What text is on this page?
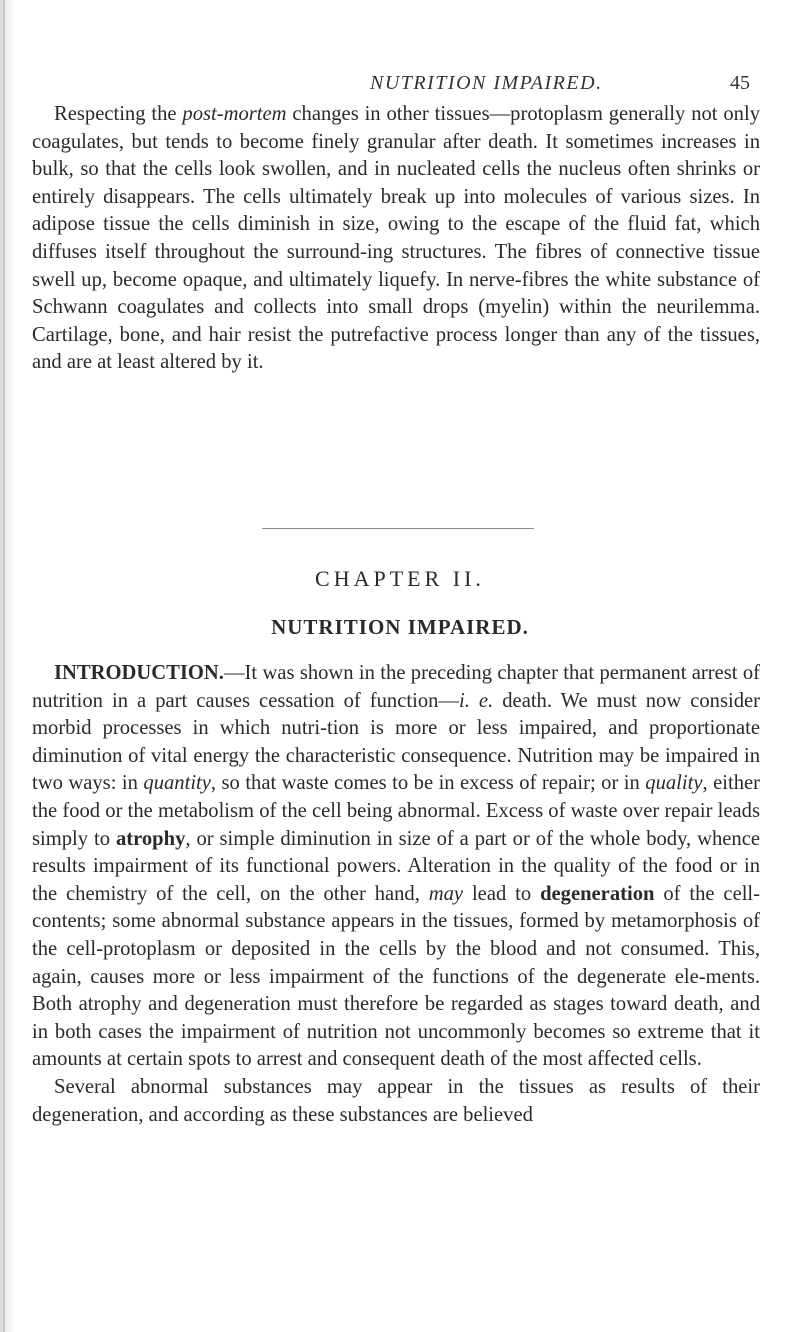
NUTRITION IMPAIRED.	45

Respecting the post-mortem changes in other tissues—protoplasm generally not only coagulates, but tends to become finely granular after death. It sometimes increases in bulk, so that the cells look swollen, and in nucleated cells the nucleus often shrinks or entirely disappears. The cells ultimately break up into molecules of various sizes. In adipose tissue the cells diminish in size, owing to the escape of the fluid fat, which diffuses itself throughout the surround-ing structures. The fibres of connective tissue swell up, become opaque, and ultimately liquefy. In nerve-fibres the white substance of Schwann coagulates and collects into small drops (myelin) within the neurilemma. Cartilage, bone, and hair resist the putrefactive process longer than any of the tissues, and are at least altered by it.

CHAPTER II.
NUTRITION IMPAIRED.

INTRODUCTION.—It was shown in the preceding chapter that permanent arrest of nutrition in a part causes cessation of function—i. e. death. We must now consider morbid processes in which nutri-tion is more or less impaired, and proportionate diminution of vital energy the characteristic consequence. Nutrition may be impaired in two ways: in quantity, so that waste comes to be in excess of repair; or in quality, either the food or the metabolism of the cell being abnormal. Excess of waste over repair leads simply to atrophy, or simple diminution in size of a part or of the whole body, whence results impairment of its functional powers. Alteration in the quality of the food or in the chemistry of the cell, on the other hand, may lead to degeneration of the cell-contents; some abnormal substance appears in the tissues, formed by metamorphosis of the cell-protoplasm or deposited in the cells by the blood and not consumed. This, again, causes more or less impairment of the functions of the degenerate ele-ments. Both atrophy and degeneration must therefore be regarded as stages toward death, and in both cases the impairment of nutrition not uncommonly becomes so extreme that it amounts at certain spots to arrest and consequent death of the most affected cells.
Several abnormal substances may appear in the tissues as results of their degeneration, and according as these substances are believed
